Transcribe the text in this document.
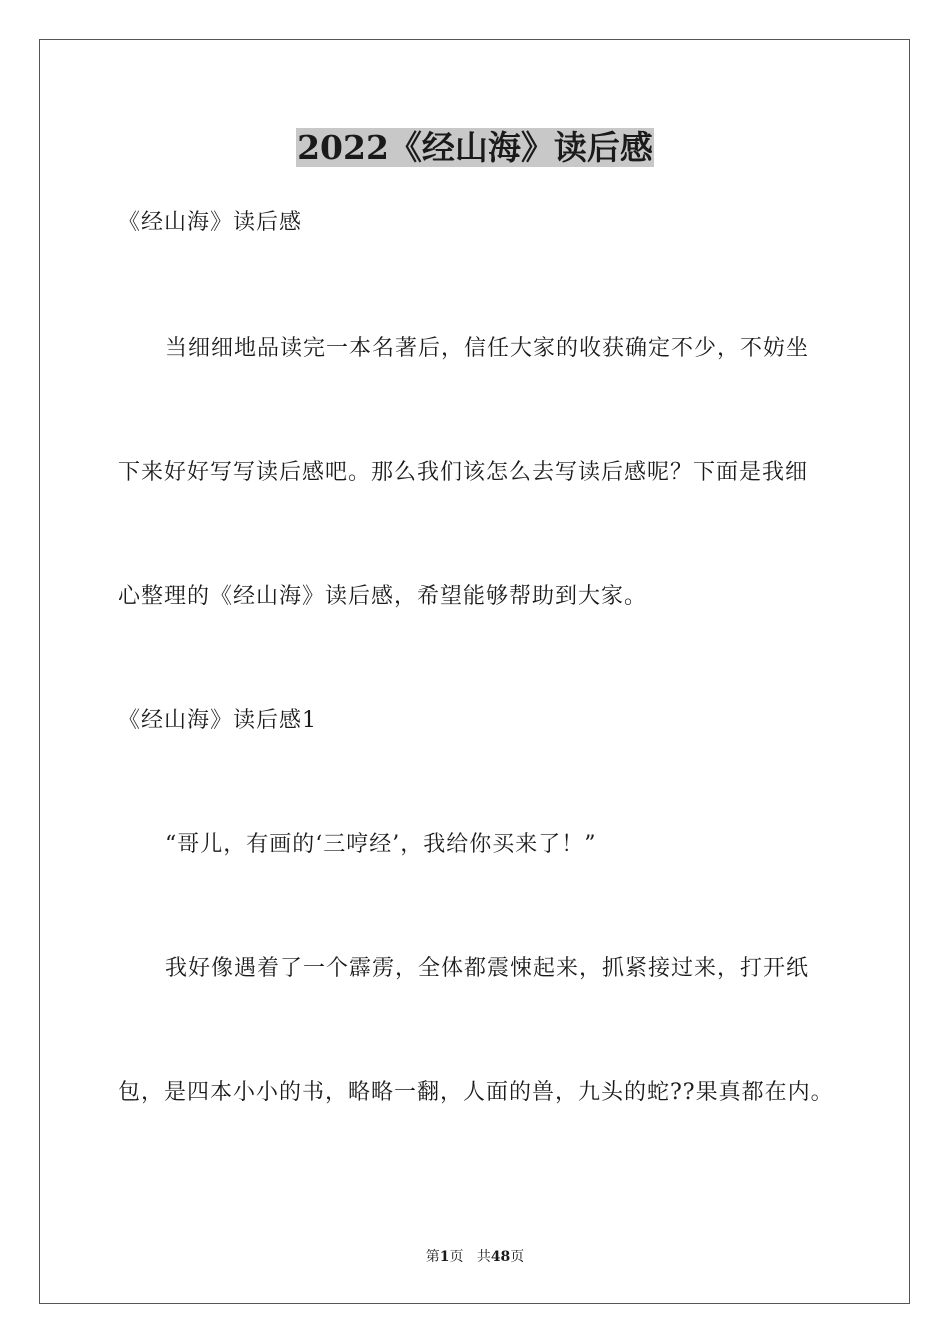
2022《经山海》读后感
《经山海》读后感
当细细地品读完一本名著后，信任大家的收获确定不少，不妨坐
下来好好写写读后感吧。那么我们该怎么去写读后感呢？下面是我细
心整理的《经山海》读后感，希望能够帮助到大家。
《经山海》读后感1
“哥儿，有画的‘三哼经’，我给你买来了！”
我好像遇着了一个霹雳，全体都震悚起来，抓紧接过来，打开纸
包，是四本小小的书，略略一翻，人面的兽，九头的蛇??果真都在内。
第1页 共48页
